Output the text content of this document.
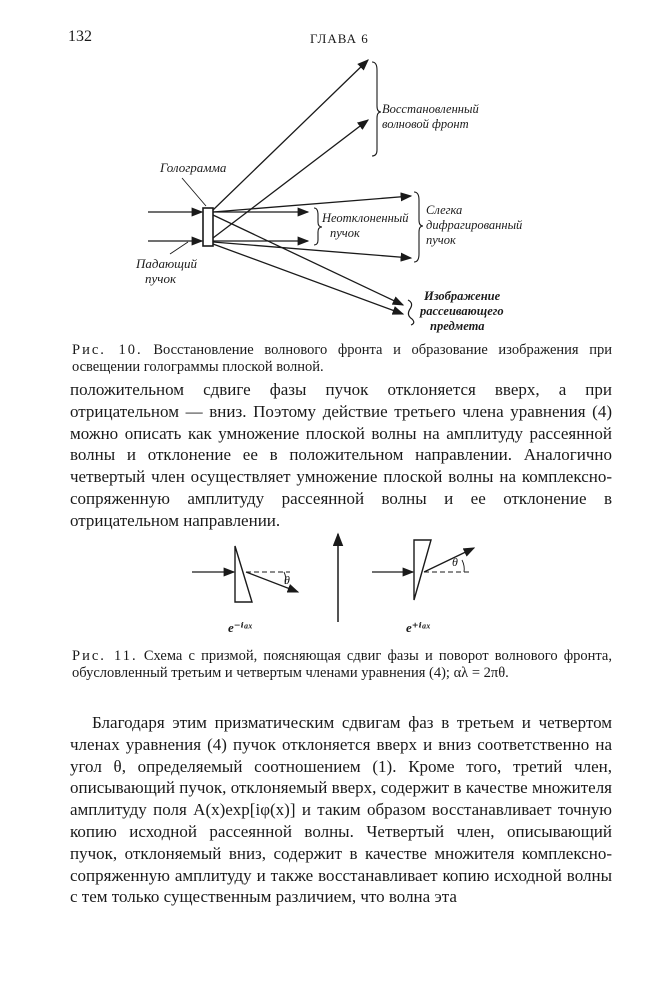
132	ГЛАВА 6
Голограмма
Падающий
пучок
Восстановленный
волновой фронт
Неотклоненный
пучок
Слегка
дифрагированный
пучок
Изображение
рассеивающего
предмета
Рис. 10. Восстановление волнового фронта и образование изображения при освещении голограммы плоской волной.

положительном сдвиге фазы пучок отклоняется вверх, а при отрицательном — вниз. Поэтому действие третьего члена уравнения (4) можно описать как умножение плоской волны на амплитуду рассеянной волны и отклонение ее в положительном направлении. Аналогично четвертый член осуществляет умножение плоской волны на комплексно-сопряженную амплитуду рассеянной волны и ее отклонение в отрицательном направлении.

θ
θ
e⁻ⁱᵅˣ	e⁺ⁱᵅˣ
Рис. 11. Схема с призмой, поясняющая сдвиг фазы и поворот волнового фронта, обусловленный третьим и четвертым членами уравнения (4); αλ = 2πθ.

Благодаря этим призматическим сдвигам фаз в третьем и четвертом членах уравнения (4) пучок отклоняется вверх и вниз соответственно на угол θ, определяемый соотношением (1). Кроме того, третий член, описывающий пучок, отклоняемый вверх, содержит в качестве множителя амплитуду поля A(x)exp[iφ(x)] и таким образом восстанавливает точную копию исходной рассеянной волны. Четвертый член, описывающий пучок, отклоняемый вниз, содержит в качестве множителя комплексно-сопряженную амплитуду и также восстанавливает копию исходной волны с тем только существенным различием, что волна эта
